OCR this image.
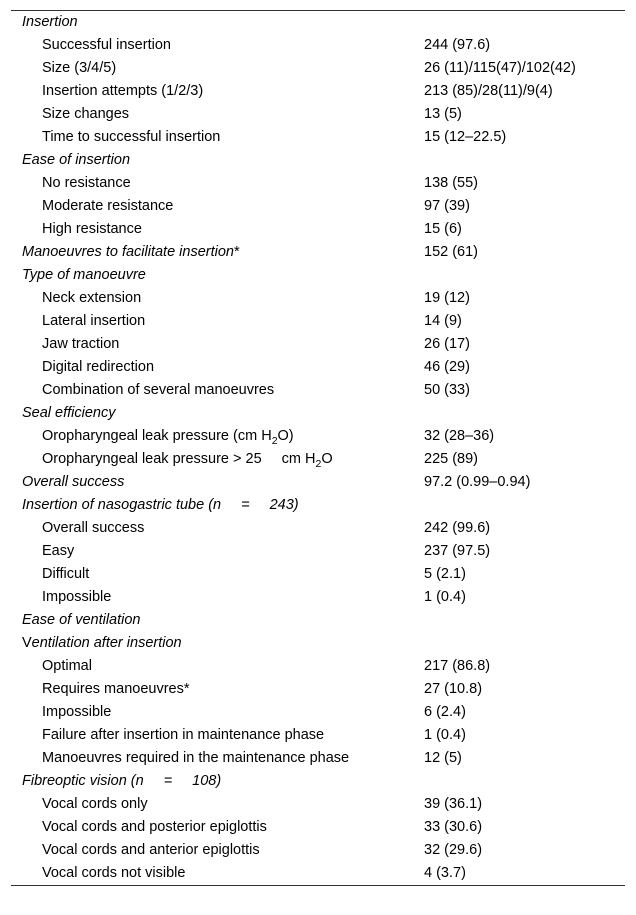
Insertion
Successful insertion	244 (97.6)
Size (3/4/5)	26 (11)/115(47)/102(42)
Insertion attempts (1/2/3)	213 (85)/28(11)/9(4)
Size changes	13 (5)
Time to successful insertion	15 (12–22.5)
Ease of insertion
No resistance	138 (55)
Moderate resistance	97 (39)
High resistance	15 (6)
Manoeuvres to facilitate insertion*	152 (61)
Type of manoeuvre
Neck extension	19 (12)
Lateral insertion	14 (9)
Jaw traction	26 (17)
Digital redirection	46 (29)
Combination of several manoeuvres	50 (33)
Seal efficiency
Oropharyngeal leak pressure (cm $H_2O$)	32 (28–36)
Oropharyngeal leak pressure > 25 cm $H_2O$	225 (89)
Overall success	97.2 (0.99–0.94)
Insertion of nasogastric tube (n = 243)
Overall success	242 (99.6)
Easy	237 (97.5)
Difficult	5 (2.1)
Impossible	1 (0.4)
Ease of ventilation
Ventilation after insertion
Optimal	217 (86.8)
Requires manoeuvres*	27 (10.8)
Impossible	6 (2.4)
Failure after insertion in maintenance phase	1 (0.4)
Manoeuvres required in the maintenance phase	12 (5)
Fibreoptic vision (n = 108)
Vocal cords only	39 (36.1)
Vocal cords and posterior epiglottis	33 (30.6)
Vocal cords and anterior epiglottis	32 (29.6)
Vocal cords not visible	4 (3.7)
